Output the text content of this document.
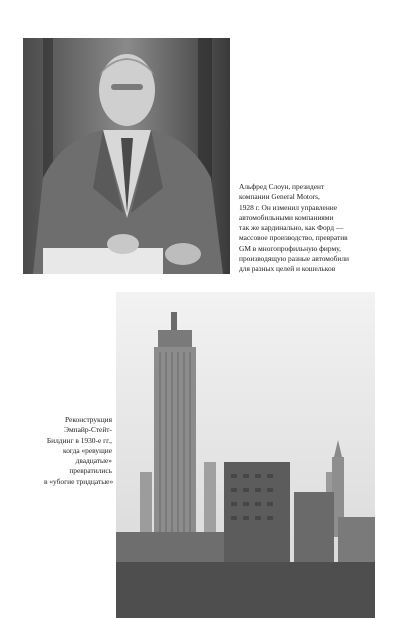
Альфред Слоун, президент
компании General Motors,
1928 г. Он изменил управление
автомобильными компаниями
так же кардинально, как Форд —
массовое производство, превратив
GM в многопрофильную фирму,
производящую разные автомобили
для разных целей и кошельков
Реконструкция
Эмпайр-Стейт-
Билдинг в 1930-е гг.,
когда «ревущие
двадцатые»
превратились
в «убогие тридцатые»
